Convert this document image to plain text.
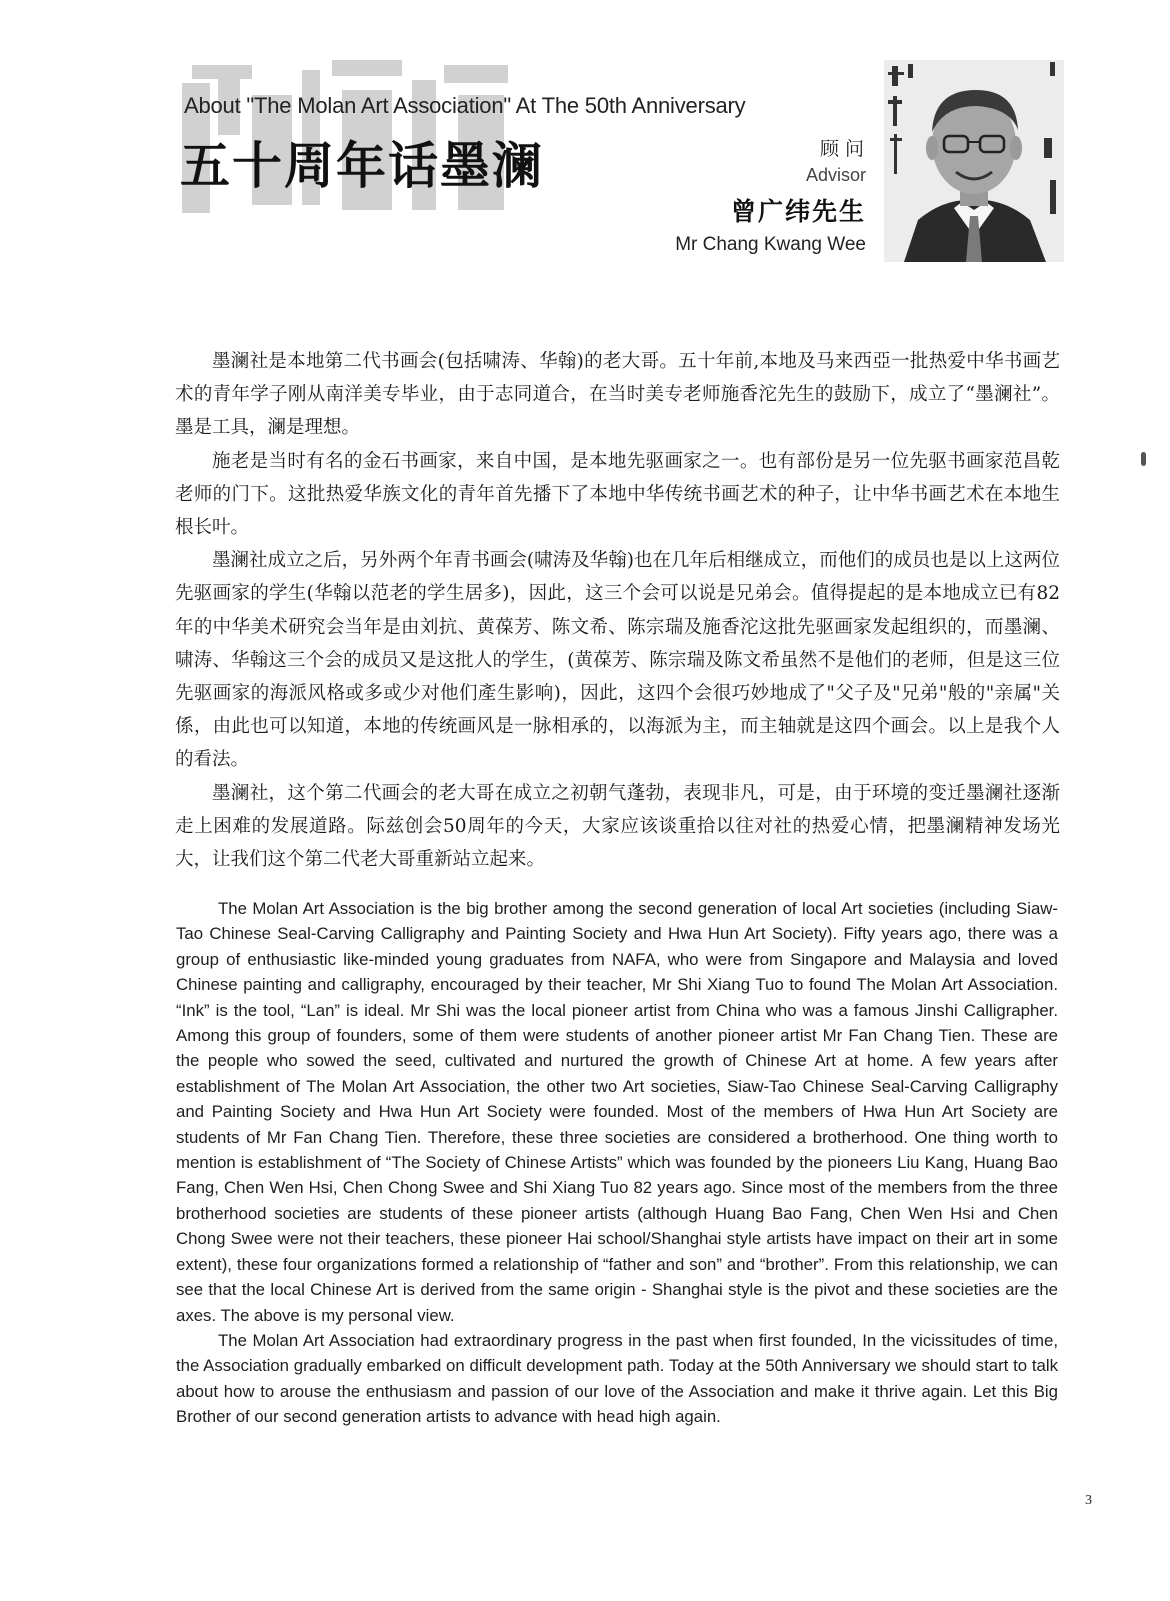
About "The Molan Art Association" At The 50th Anniversary
五十周年话墨澜	顾问
Advisor
曾广纬先生
Mr Chang Kwang Wee

墨澜社是本地第二代书画会(包括啸涛、华翰)的老大哥。五十年前,本地及马来西亞一批热爱中华书画艺术的青年学子刚从南洋美专毕业，由于志同道合，在当时美专老师施香沱先生的鼓励下，成立了“墨澜社”。墨是工具，澜是理想。

施老是当时有名的金石书画家，来自中国，是本地先驱画家之一。也有部份是另一位先驱书画家范昌乾老师的门下。这批热爱华族文化的青年首先播下了本地中华传统书画艺术的种子，让中华书画艺术在本地生根长叶。

墨澜社成立之后，另外两个年青书画会(啸涛及华翰)也在几年后相继成立，而他们的成员也是以上这两位先驱画家的学生(华翰以范老的学生居多)，因此，这三个会可以说是兄弟会。值得提起的是本地成立已有82年的中华美术研究会当年是由刘抗、黄葆芳、陈文希、陈宗瑞及施香沱这批先驱画家发起组织的，而墨澜、啸涛、华翰这三个会的成员又是这批人的学生，(黄葆芳、陈宗瑞及陈文希虽然不是他们的老师，但是这三位先驱画家的海派风格或多或少对他们產生影响)，因此，这四个会很巧妙地成了"父子及"兄弟"般的"亲属"关係，由此也可以知道，本地的传统画风是一脉相承的，以海派为主，而主轴就是这四个画会。以上是我个人的看法。

墨澜社，这个第二代画会的老大哥在成立之初朝气蓬勃，表现非凡，可是，由于环境的变迁墨澜社逐渐走上困难的发展道路。际兹创会50周年的今天，大家应该谈重拾以往对社的热爱心情，把墨澜精神发场光大，让我们这个第二代老大哥重新站立起来。

The Molan Art Association is the big brother among the second generation of local Art societies (including Siaw-Tao Chinese Seal-Carving Calligraphy and Painting Society and Hwa Hun Art Society). Fifty years ago, there was a group of enthusiastic like-minded young graduates from NAFA, who were from Singapore and Malaysia and loved Chinese painting and calligraphy, encouraged by their teacher, Mr Shi Xiang Tuo to found The Molan Art Association. “Ink” is the tool, “Lan” is ideal. Mr Shi was the local pioneer artist from China who was a famous Jinshi Calligrapher. Among this group of founders, some of them were students of another pioneer artist Mr Fan Chang Tien. These are the people who sowed the seed, cultivated and nurtured the growth of Chinese Art at home. A few years after establishment of The Molan Art Association, the other two Art societies, Siaw-Tao Chinese Seal-Carving Calligraphy and Painting Society and Hwa Hun Art Society were founded. Most of the members of Hwa Hun Art Society are students of Mr Fan Chang Tien. Therefore, these three societies are considered a brotherhood. One thing worth to mention is establishment of “The Society of Chinese Artists” which was founded by the pioneers Liu Kang, Huang Bao Fang, Chen Wen Hsi, Chen Chong Swee and Shi Xiang Tuo 82 years ago. Since most of the members from the three brotherhood societies are students of these pioneer artists (although Huang Bao Fang, Chen Wen Hsi and Chen Chong Swee were not their teachers, these pioneer Hai school/Shanghai style artists have impact on their art in some extent), these four organizations formed a relationship of “father and son” and “brother”. From this relationship, we can see that the local Chinese Art is derived from the same origin - Shanghai style is the pivot and these societies are the axes. The above is my personal view.

The Molan Art Association had extraordinary progress in the past when first founded, In the vicissitudes of time, the Association gradually embarked on difficult development path. Today at the 50th Anniversary we should start to talk about how to arouse the enthusiasm and passion of our love of the Association and make it thrive again. Let this Big Brother of our second generation artists to advance with head high again.

3
